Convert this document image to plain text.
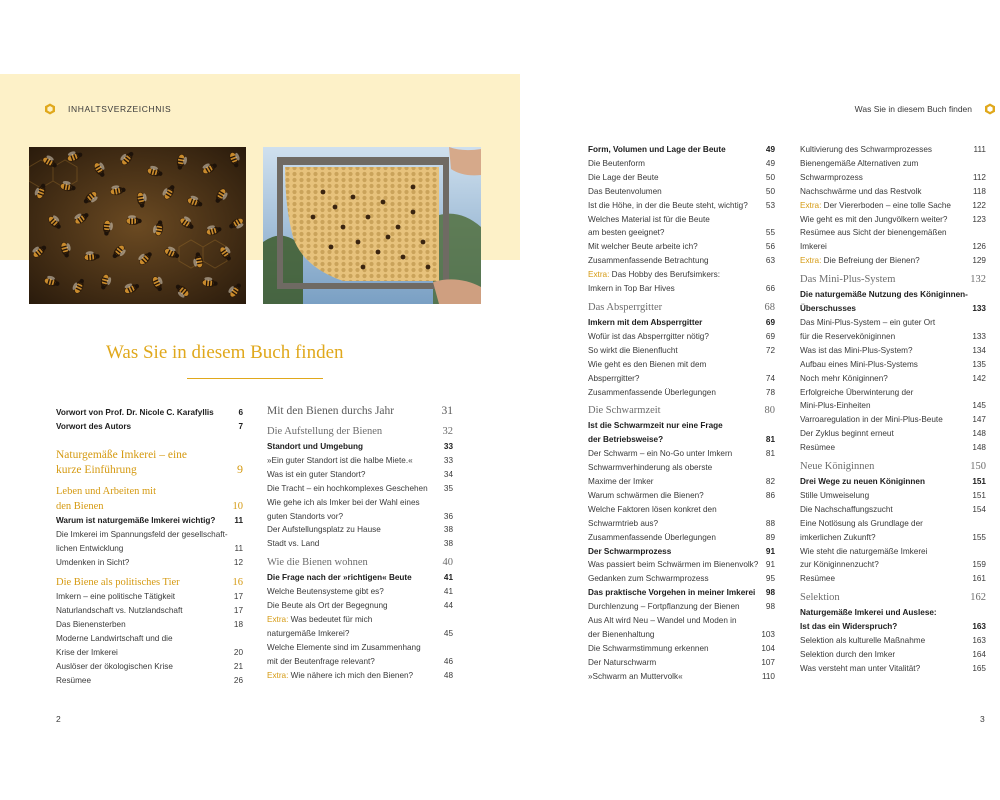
INHALTSVERZEICHNIS	Was Sie in diesem Buch finden
Was Sie in diesem Buch finden
Vorwort von Prof. Dr. Nicole C. Karafyllis	6
Vorwort des Autors	7
Naturgemäße Imkerei – eine
kurze Einführung	9
Leben und Arbeiten mit
den Bienen	10
Warum ist naturgemäße Imkerei wichtig?	11
Die Imkerei im Spannungsfeld der gesellschaft-
lichen Entwicklung	11
Umdenken in Sicht?	12
Die Biene als politisches Tier	16
Imkern – eine politische Tätigkeit	17
Naturlandschaft vs. Nutzlandschaft	17
Das Bienensterben	18
Moderne Landwirtschaft und die
Krise der Imkerei	20
Auslöser der ökologischen Krise	21
Resümee	26
Mit den Bienen durchs Jahr	31
Die Aufstellung der Bienen	32
Standort und Umgebung	33
»Ein guter Standort ist die halbe Miete.«	33
Was ist ein guter Standort?	34
Die Tracht – ein hochkomplexes Geschehen	35
Wie gehe ich als Imker bei der Wahl eines
guten Standorts vor?	36
Der Aufstellungsplatz zu Hause	38
Stadt vs. Land	38
Wie die Bienen wohnen	40
Die Frage nach der »richtigen« Beute	41
Welche Beutensysteme gibt es?	41
Die Beute als Ort der Begegnung	44
Extra: Was bedeutet für mich
naturgemäße Imkerei?	45
Welche Elemente sind im Zusammenhang
mit der Beutenfrage relevant?	46
Extra: Wie nähere ich mich den Bienen?	48
Form, Volumen und Lage der Beute	49
Die Beutenform	49
Die Lage der Beute	50
Das Beutenvolumen	50
Ist die Höhe, in der die Beute steht, wichtig?	53
Welches Material ist für die Beute
am besten geeignet?	55
Mit welcher Beute arbeite ich?	56
Zusammenfassende Betrachtung	63
Extra: Das Hobby des Berufsimkers:
Imkern in Top Bar Hives	66
Das Absperrgitter	68
Imkern mit dem Absperrgitter	69
Wofür ist das Absperrgitter nötig?	69
So wirkt die Bienenflucht	72
Wie geht es den Bienen mit dem
Absperrgitter?	74
Zusammenfassende Überlegungen	78
Die Schwarmzeit	80
Ist die Schwarmzeit nur eine Frage
der Betriebsweise?	81
Der Schwarm – ein No-Go unter Imkern	81
Schwarmverhinderung als oberste
Maxime der Imker	82
Warum schwärmen die Bienen?	86
Welche Faktoren lösen konkret den
Schwarmtrieb aus?	88
Zusammenfassende Überlegungen	89
Der Schwarmprozess	91
Was passiert beim Schwärmen im Bienenvolk? 91
Gedanken zum Schwarmprozess	95
Das praktische Vorgehen in meiner Imkerei	98
Durchlenzung – Fortpflanzung der Bienen	98
Aus Alt wird Neu – Wandel und Moden in
der Bienenhaltung	103
Die Schwarmstimmung erkennen	104
Der Naturschwarm	107
»Schwarm an Muttervolk«	110
Kultivierung des Schwarmprozesses	111
Bienengemäße Alternativen zum
Schwarmprozess	112
Nachschwärme und das Restvolk	118
Extra: Der Viererboden – eine tolle Sache	122
Wie geht es mit den Jungvölkern weiter?	123
Resümee aus Sicht der bienengemäßen
Imkerei	126
Extra: Die Befreiung der Bienen?	129
Das Mini-Plus-System	132
Die naturgemäße Nutzung des Königinnen-
Überschusses	133
Das Mini-Plus-System – ein guter Ort
für die Reserveköniginnen	133
Was ist das Mini-Plus-System?	134
Aufbau eines Mini-Plus-Systems	135
Noch mehr Königinnen?	142
Erfolgreiche Überwinterung der
Mini-Plus-Einheiten	145
Varroaregulation in der Mini-Plus-Beute	147
Der Zyklus beginnt erneut	148
Resümee	148
Neue Königinnen	150
Drei Wege zu neuen Königinnen	151
Stille Umweiselung	151
Die Nachschaffungszucht	154
Eine Notlösung als Grundlage der
imkerlichen Zukunft?	155
Wie steht die naturgemäße Imkerei
zur Königinnenzucht?	159
Resümee	161
Selektion	162
Naturgemäße Imkerei und Auslese:
Ist das ein Widerspruch?	163
Selektion als kulturelle Maßnahme	163
Selektion durch den Imker	164
Was versteht man unter Vitalität?	165
2	3
